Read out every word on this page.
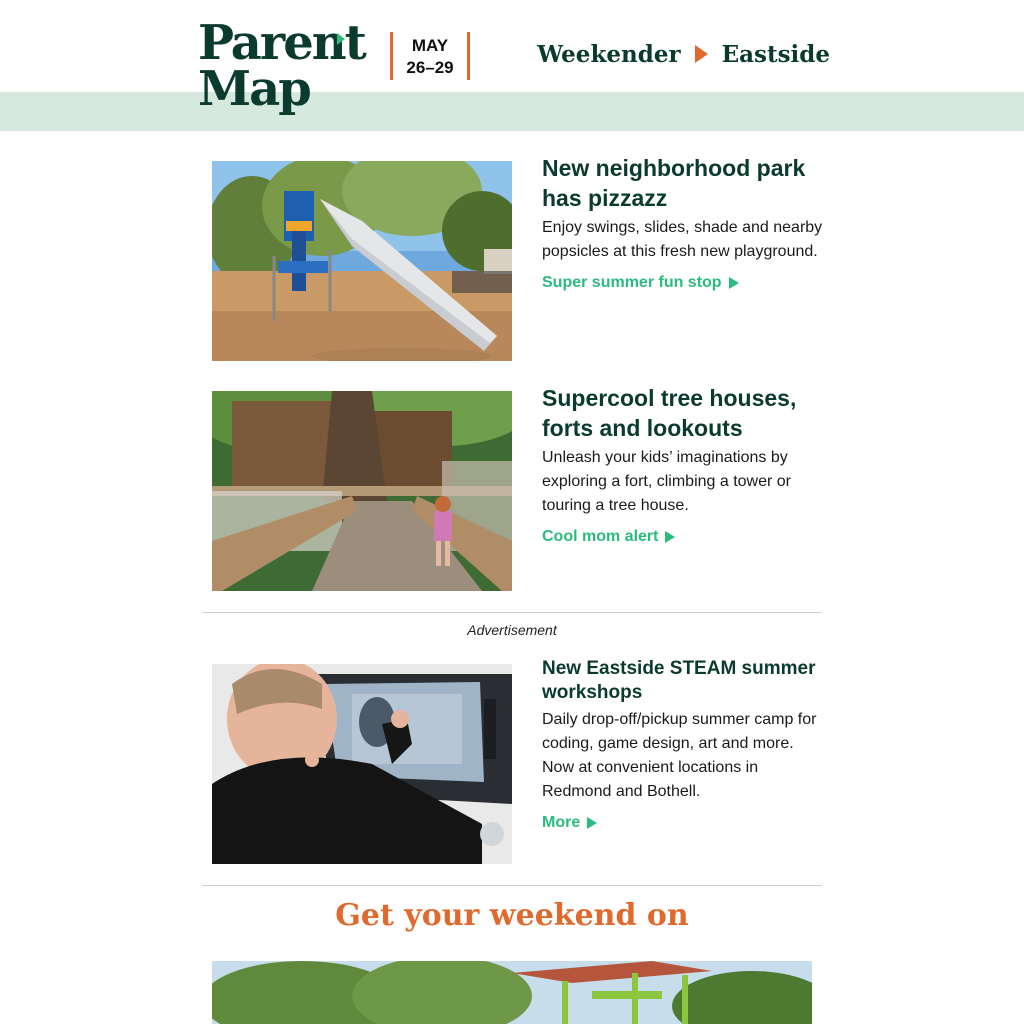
Parent
Map
MAY
26–29	Weekender Eastside
New neighborhood park has pizzazz

Enjoy swings, slides, shade and nearby popsicles at this fresh new playground.

Super summer fun stop
Supercool tree houses, forts and lookouts

Unleash your kids’ imaginations by exploring a fort, climbing a tower or touring a tree house.

Cool mom alert
Advertisement
New Eastside STEAM summer workshops

Daily drop-off/pickup summer camp for coding, game design, art and more. Now at convenient locations in Redmond and Bothell.

More
Get your weekend on
